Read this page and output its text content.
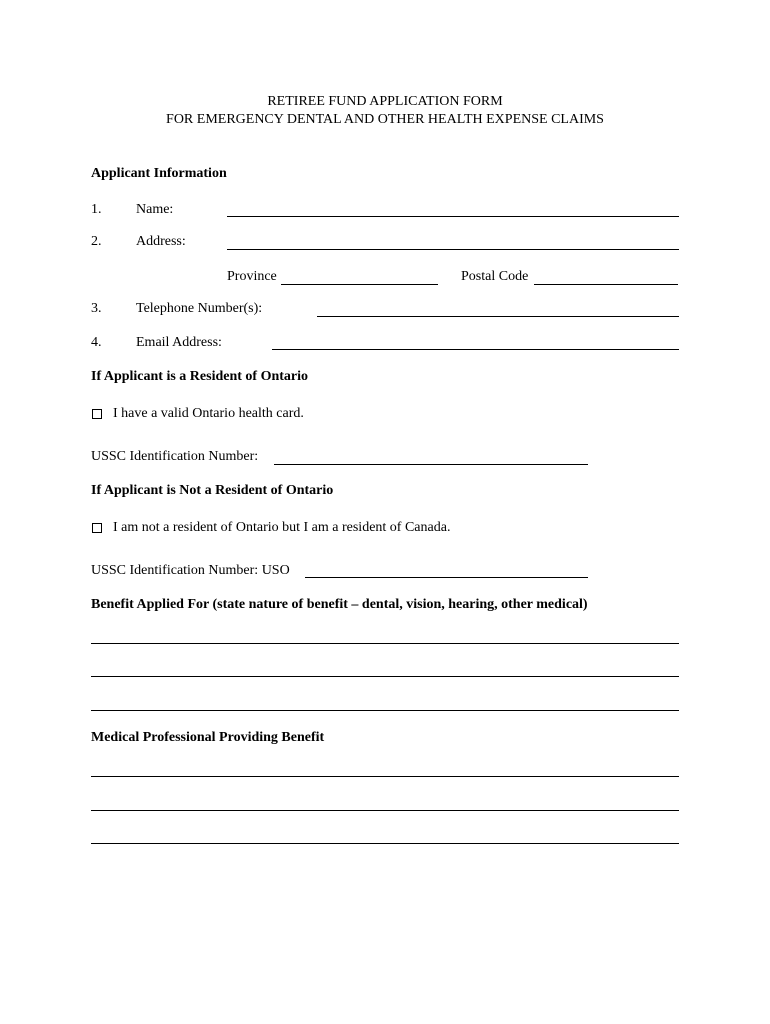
RETIREE FUND APPLICATION FORM
FOR EMERGENCY DENTAL AND OTHER HEALTH EXPENSE CLAIMS
Applicant Information
1. Name:
2. Address:
Province	Postal Code
3. Telephone Number(s):
4. Email Address:
If Applicant is a Resident of Ontario
I have a valid Ontario health card.
USSC Identification Number:
If Applicant is Not a Resident of Ontario
I am not a resident of Ontario but I am a resident of Canada.
USSC Identification Number: USO
Benefit Applied For (state nature of benefit – dental, vision, hearing, other medical)
Medical Professional Providing Benefit
